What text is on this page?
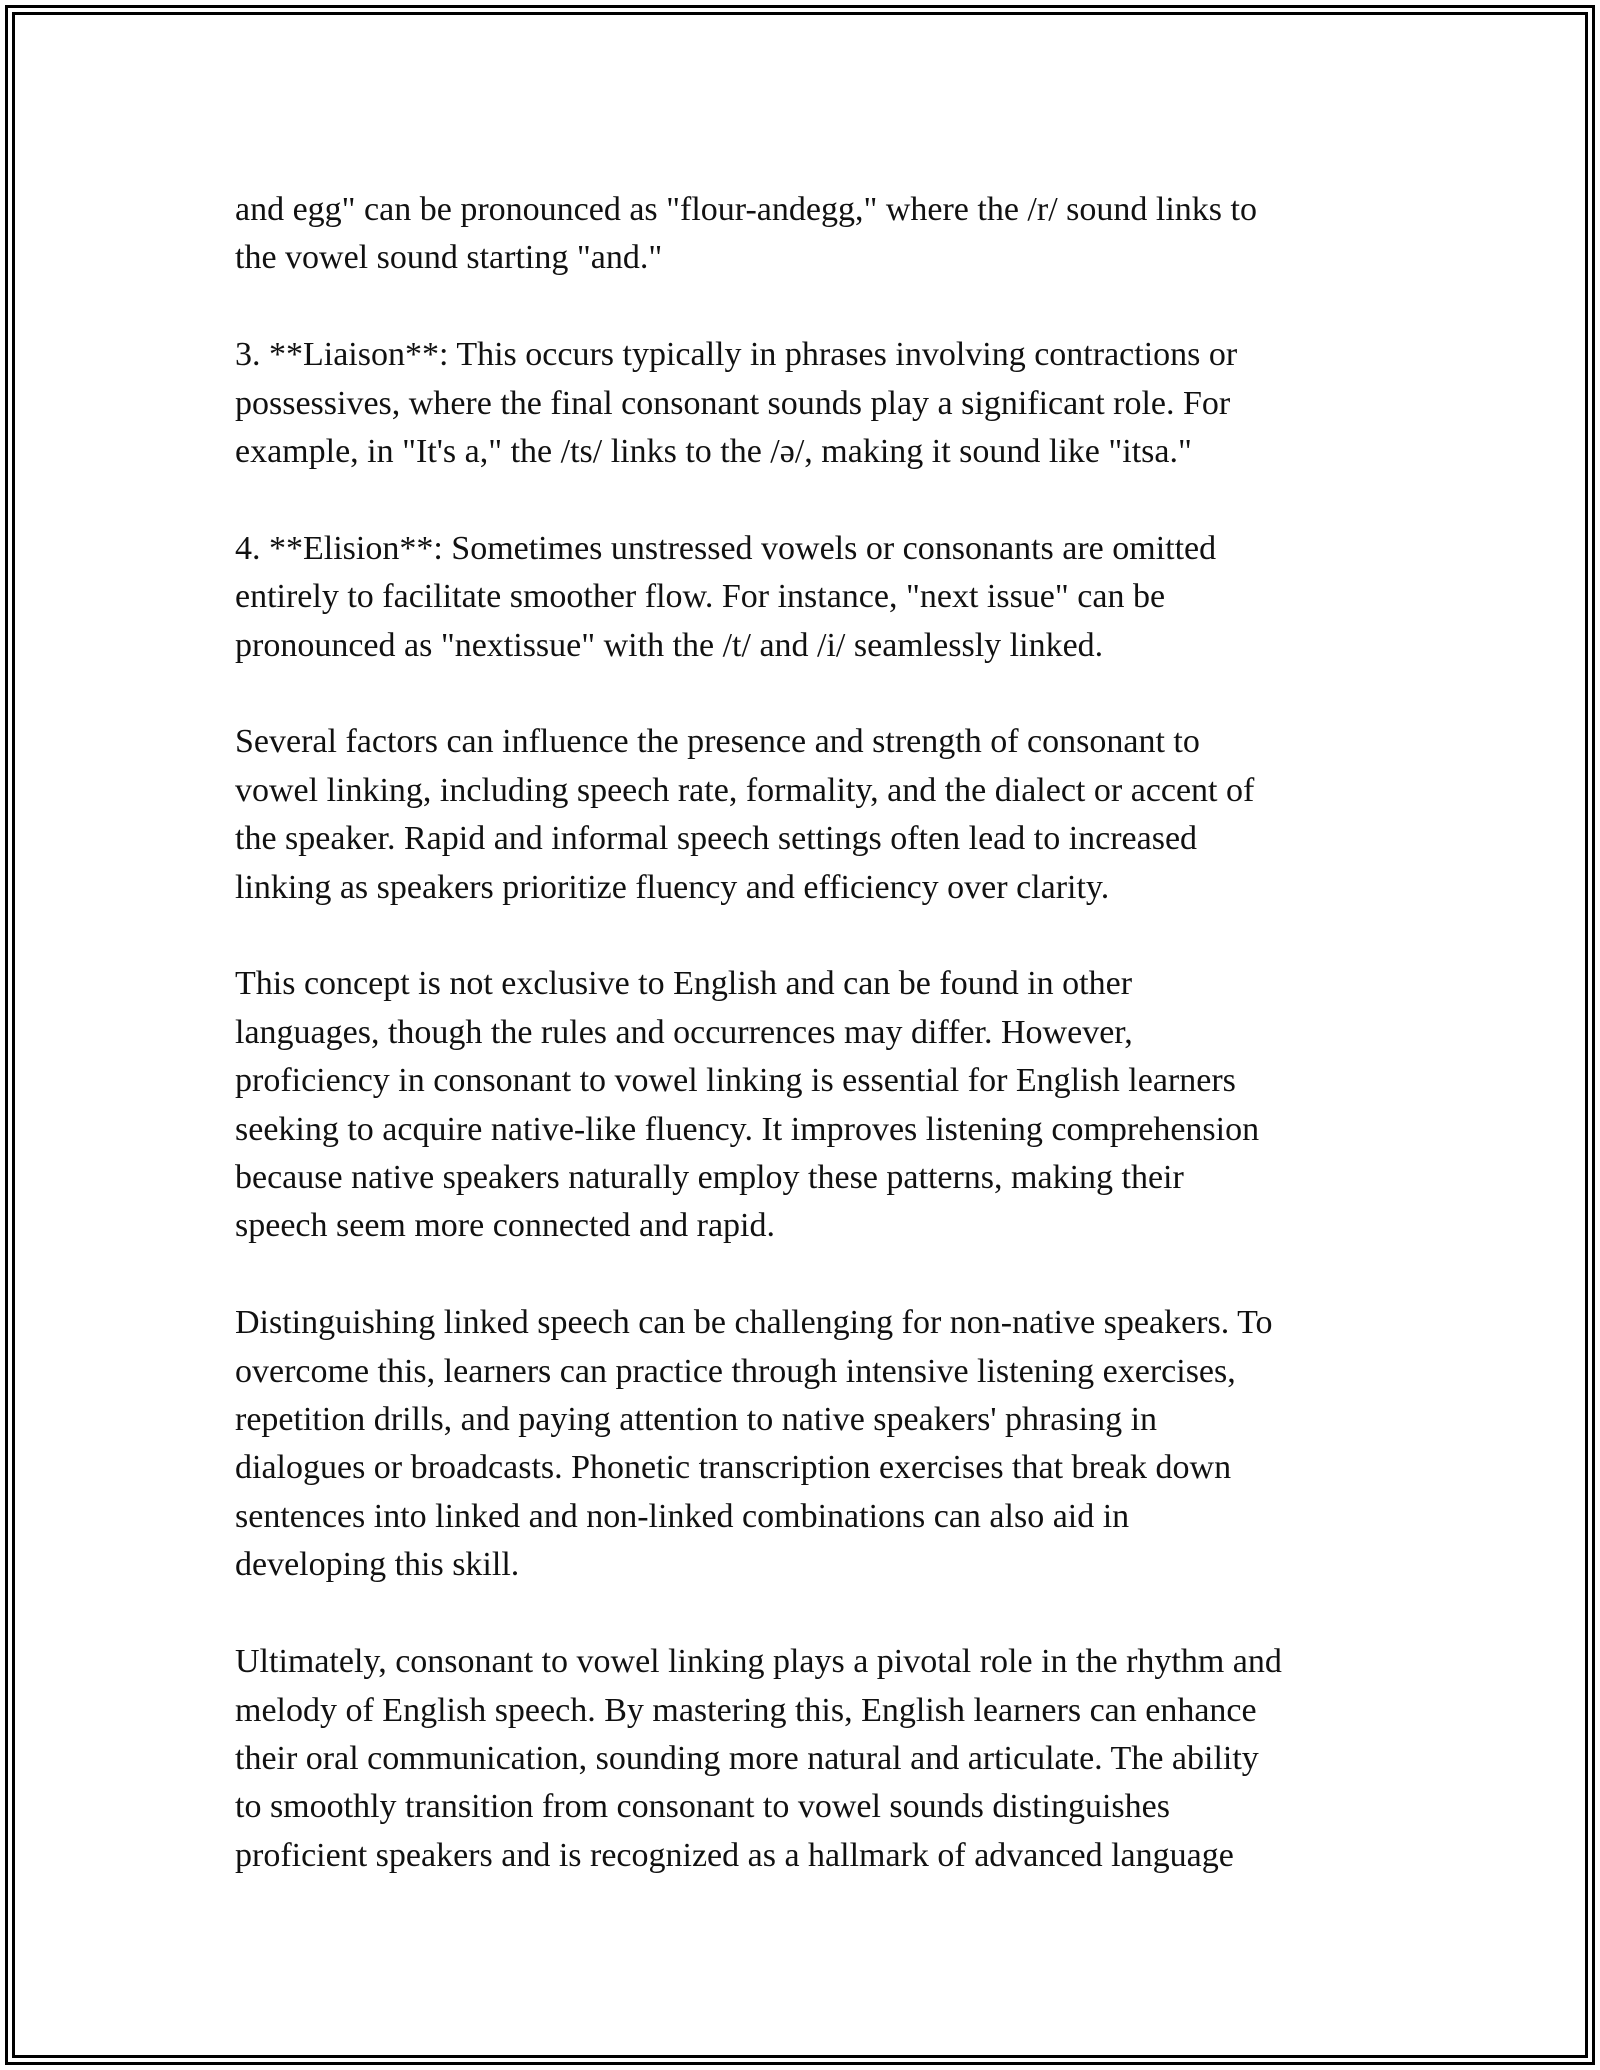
and egg" can be pronounced as "flour-andegg," where the /r/ sound links to
the vowel sound starting "and."

3. **Liaison**: This occurs typically in phrases involving contractions or
possessives, where the final consonant sounds play a significant role. For
example, in "It's a," the /ts/ links to the /ə/, making it sound like "itsa."

4. **Elision**: Sometimes unstressed vowels or consonants are omitted
entirely to facilitate smoother flow. For instance, "next issue" can be
pronounced as "nextissue" with the /t/ and /i/ seamlessly linked.

Several factors can influence the presence and strength of consonant to
vowel linking, including speech rate, formality, and the dialect or accent of
the speaker. Rapid and informal speech settings often lead to increased
linking as speakers prioritize fluency and efficiency over clarity.

This concept is not exclusive to English and can be found in other
languages, though the rules and occurrences may differ. However,
proficiency in consonant to vowel linking is essential for English learners
seeking to acquire native-like fluency. It improves listening comprehension
because native speakers naturally employ these patterns, making their
speech seem more connected and rapid.

Distinguishing linked speech can be challenging for non-native speakers. To
overcome this, learners can practice through intensive listening exercises,
repetition drills, and paying attention to native speakers' phrasing in
dialogues or broadcasts. Phonetic transcription exercises that break down
sentences into linked and non-linked combinations can also aid in
developing this skill.

Ultimately, consonant to vowel linking plays a pivotal role in the rhythm and
melody of English speech. By mastering this, English learners can enhance
their oral communication, sounding more natural and articulate. The ability
to smoothly transition from consonant to vowel sounds distinguishes
proficient speakers and is recognized as a hallmark of advanced language
